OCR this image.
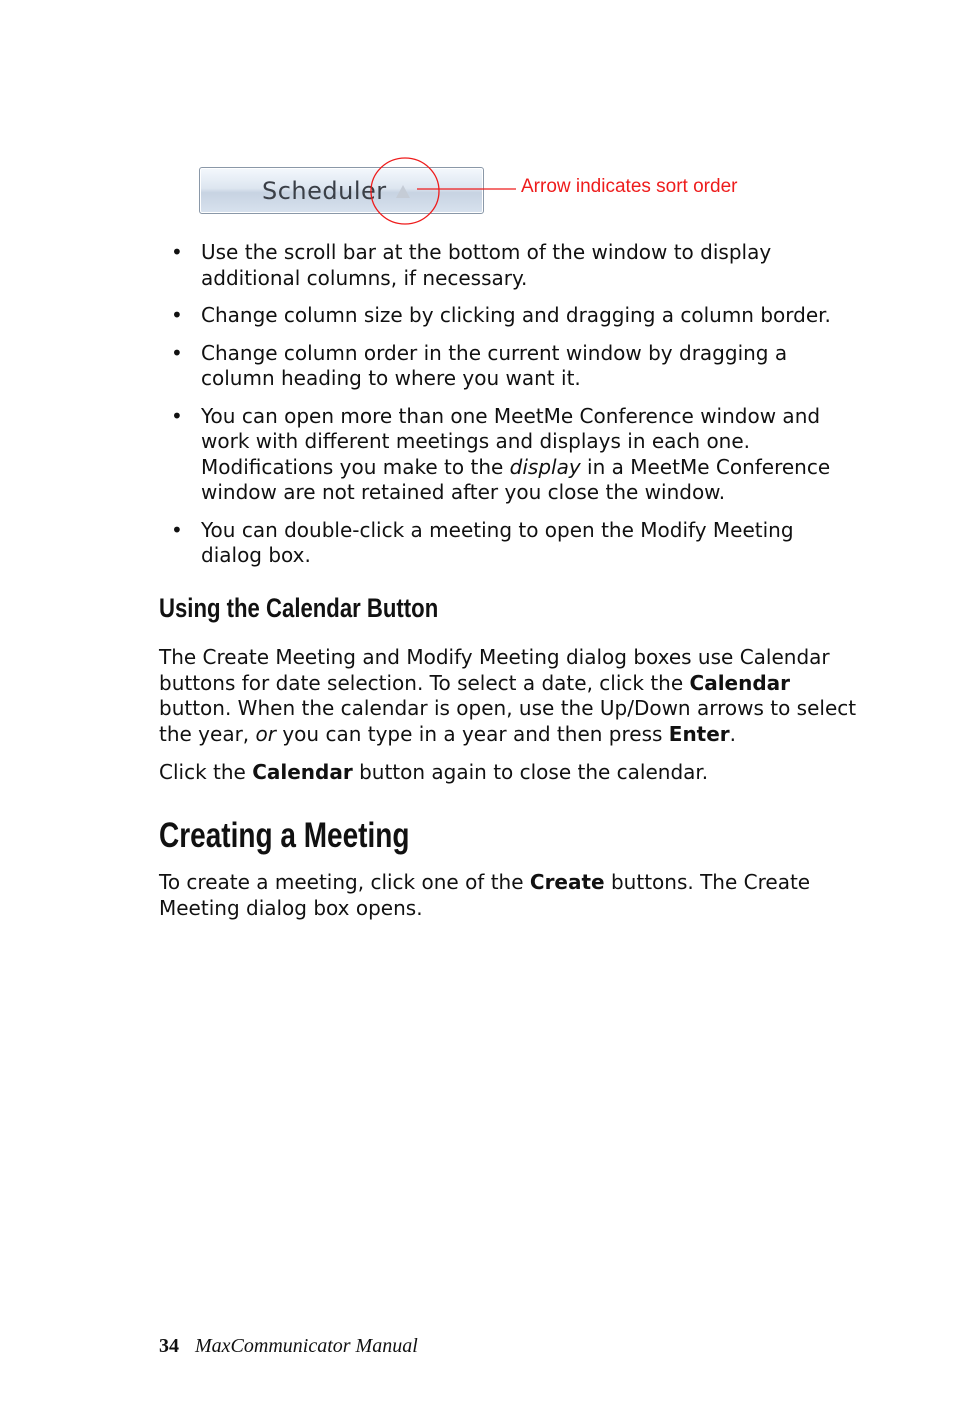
Scheduler	Arrow indicates sort order
• Use the scroll bar at the bottom of the window to display additional columns, if necessary.
• Change column size by clicking and dragging a column border.
• Change column order in the current window by dragging a column heading to where you want it.
• You can open more than one MeetMe Conference window and work with different meetings and displays in each one. Modifications you make to the display in a MeetMe Conference window are not retained after you close the window.
• You can double-click a meeting to open the Modify Meeting dialog box.
Using the Calendar Button

The Create Meeting and Modify Meeting dialog boxes use Calendar buttons for date selection. To select a date, click the Calendar button. When the calendar is open, use the Up/Down arrows to select the year, or you can type in a year and then press Enter.

Click the Calendar button again to close the calendar.

Creating a Meeting

To create a meeting, click one of the Create buttons. The Create Meeting dialog box opens.

34 MaxCommunicator Manual
